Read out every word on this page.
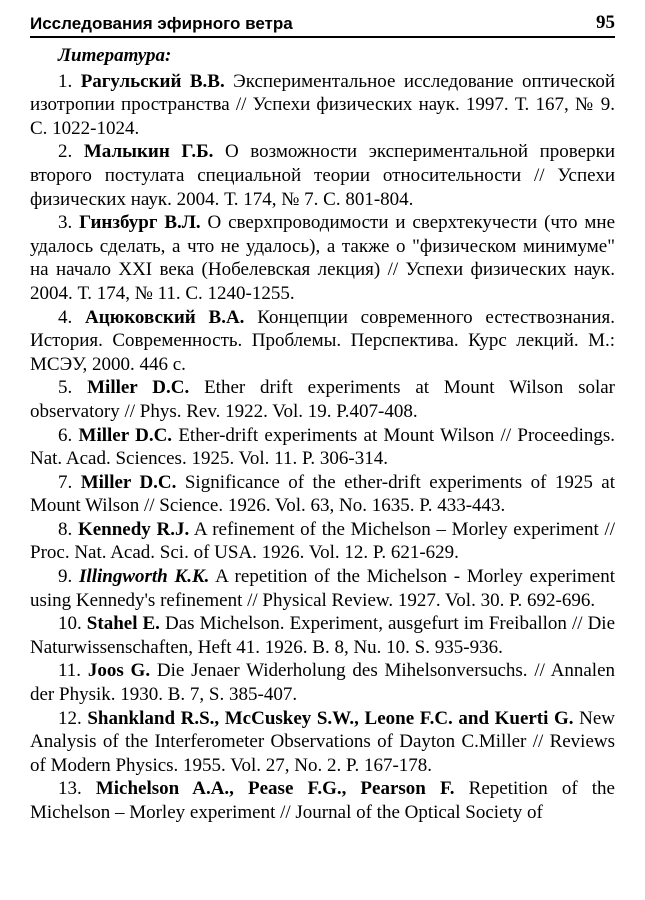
Исследования эфирного ветра	95

Литература:

1. Рагульский В.В. Экспериментальное исследование оптической изотропии пространства // Успехи физических наук. 1997. Т. 167, № 9. С. 1022-1024.

2. Малыкин Г.Б. О возможности экспериментальной проверки второго постулата специальной теории относительности // Успехи физических наук. 2004. Т. 174, № 7. С. 801-804.

3. Гинзбург В.Л. О сверхпроводимости и сверхтекучести (что мне удалось сделать, а что не удалось), а также о "физическом минимуме" на начало XXI века (Нобелевская лекция) // Успехи физических наук. 2004. Т. 174, № 11. С. 1240-1255.

4. Ацюковский В.А. Концепции современного естествознания. История. Современность. Проблемы. Перспектива. Курс лекций. М.: МСЭУ, 2000. 446 с.

5. Miller D.C. Ether drift experiments at Mount Wilson solar observatory // Phys. Rev. 1922. Vol. 19. P.407-408.

6. Miller D.C. Ether-drift experiments at Mount Wilson // Proceedings. Nat. Acad. Sciences. 1925. Vol. 11. P. 306-314.

7. Miller D.C. Significance of the ether-drift experiments of 1925 at Mount Wilson // Science. 1926. Vol. 63, No. 1635. P. 433-443.

8. Kennedy R.J. A refinement of the Michelson – Morley experiment // Proc. Nat. Acad. Sci. of USA. 1926. Vol. 12. P. 621-629.

9. Illingworth K.K. A repetition of the Michelson - Morley experiment using Kennedy's refinement // Physical Review. 1927. Vol. 30. P. 692-696.

10. Stahel E. Das Michelson. Experiment, ausgefurt im Freiballon // Die Naturwissenschaften, Heft 41. 1926. B. 8, Nu. 10. S. 935-936.

11. Joos G. Die Jenaer Widerholung des Mihelsonversuchs. // Annalen der Physik. 1930. B. 7, S. 385-407.

12. Shankland R.S., McCuskey S.W., Leone F.C. and Kuerti G. New Analysis of the Interferometer Observations of Dayton C.Miller // Reviews of Modern Physics. 1955. Vol. 27, No. 2. P. 167-178.

13. Michelson A.A., Pease F.G., Pearson F. Repetition of the Michelson – Morley experiment // Journal of the Optical Society of
